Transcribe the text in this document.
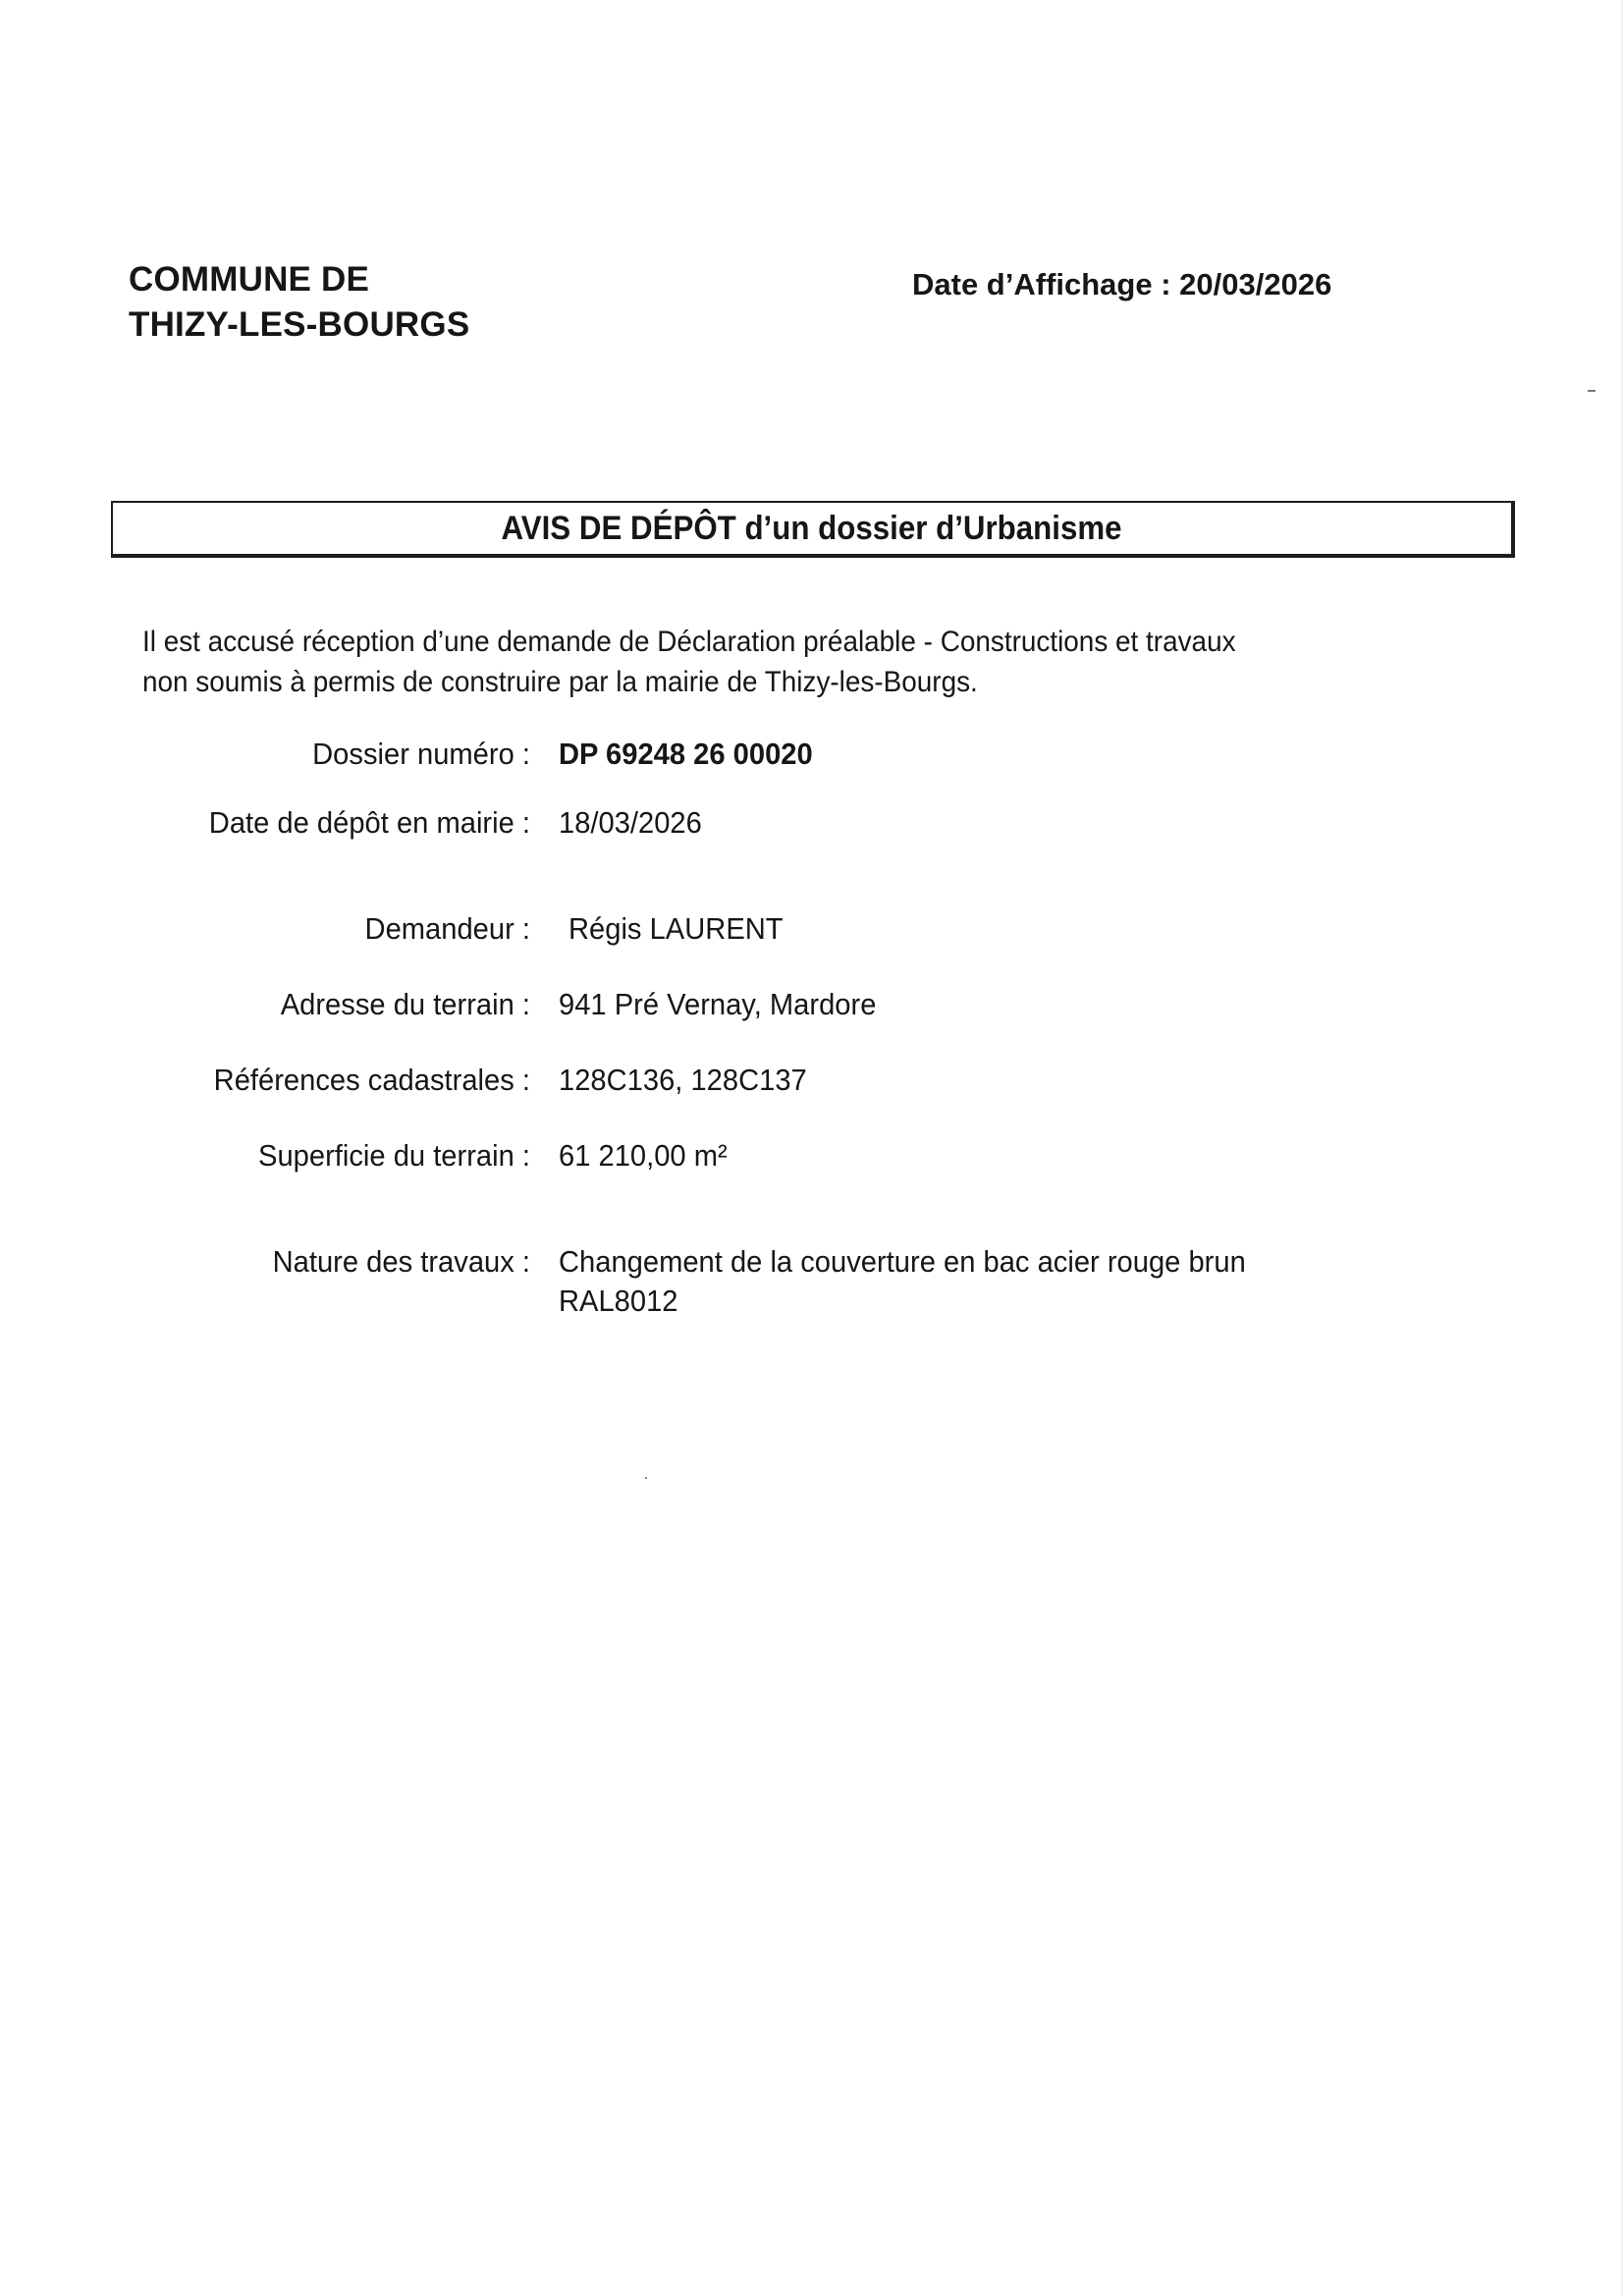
COMMUNE DE
THIZY-LES-BOURGS
Date d’Affichage : 20/03/2026
AVIS DE DÉPÔT d’un dossier d’Urbanisme
Il est accusé réception d’une demande de Déclaration préalable - Constructions et travaux
non soumis à permis de construire par la mairie de Thizy-les-Bourgs.
Dossier numéro : DP 69248 26 00020
Date de dépôt en mairie : 18/03/2026
Demandeur : Régis LAURENT
Adresse du terrain : 941 Pré Vernay, Mardore
Références cadastrales : 128C136, 128C137
Superficie du terrain : 61 210,00 m²
Nature des travaux : Changement de la couverture en bac acier rouge brun
RAL8012
